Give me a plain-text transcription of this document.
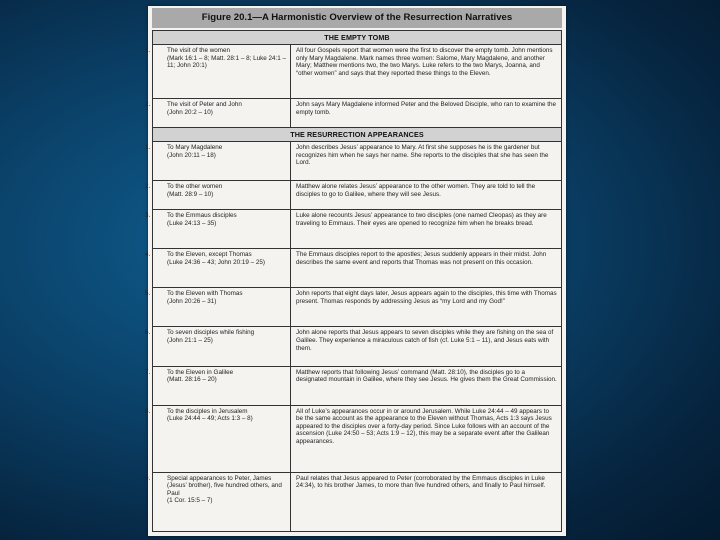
Figure 20.1—A Harmonistic Overview of the Resurrection Narratives
THE EMPTY TOMB
1.	The visit of the women
(Mark 16:1 – 8; Matt. 28:1 – 8; Luke 24:1 – 11; John 20:1)
All four Gospels report that women were the first to discover the empty tomb. John mentions only Mary Magdalene. Mark names three women: Salome, Mary Magdalene, and another Mary; Matthew mentions two, the two Marys. Luke refers to the two Marys, Joanna, and “other women” and says that they reported these things to the Eleven.
2.	The visit of Peter and John
(John 20:2 – 10)
John says Mary Magdalene informed Peter and the Beloved Disciple, who ran to examine the empty tomb.
THE RESURRECTION APPEARANCES
1.	To Mary Magdalene
(John 20:11 – 18)
John describes Jesus’ appearance to Mary. At first she supposes he is the gardener but recognizes him when he says her name. She reports to the disciples that she has seen the Lord.
2.	To the other women
(Matt. 28:9 – 10)
Matthew alone relates Jesus’ appearance to the other women. They are told to tell the disciples to go to Galilee, where they will see Jesus.
3.	To the Emmaus disciples
(Luke 24:13 – 35)
Luke alone recounts Jesus’ appearance to two disciples (one named Cleopas) as they are traveling to Emmaus. Their eyes are opened to recognize him when he breaks bread.
4.	To the Eleven, except Thomas
(Luke 24:36 – 43; John 20:19 – 25)
The Emmaus disciples report to the apostles; Jesus suddenly appears in their midst. John describes the same event and reports that Thomas was not present on this occasion.
5.	To the Eleven with Thomas
(John 20:26 – 31)
John reports that eight days later, Jesus appears again to the disciples, this time with Thomas present. Thomas responds by addressing Jesus as “my Lord and my God!”
6.	To seven disciples while fishing
(John 21:1 – 25)
John alone reports that Jesus appears to seven disciples while they are fishing on the sea of Galilee. They experience a miraculous catch of fish (cf. Luke 5:1 – 11), and Jesus eats with them.
7.	To the Eleven in Galilee
(Matt. 28:16 – 20)
Matthew reports that following Jesus’ command (Matt. 28:10), the disciples go to a designated mountain in Galilee, where they see Jesus. He gives them the Great Commission.
8.	To the disciples in Jerusalem
(Luke 24:44 – 49; Acts 1:3 – 8)
All of Luke’s appearances occur in or around Jerusalem. While Luke 24:44 – 49 appears to be the same account as the appearance to the Eleven without Thomas, Acts 1:3 says Jesus appeared to the disciples over a forty-day period. Since Luke follows with an account of the ascension (Luke 24:50 – 53; Acts 1:9 – 12), this may be a separate event after the Galilean appearances.
9.	Special appearances to Peter, James (Jesus’ brother), five hundred others, and Paul
(1 Cor. 15:5 – 7)
Paul relates that Jesus appeared to Peter (corroborated by the Emmaus disciples in Luke 24:34), to his brother James, to more than five hundred others, and finally to Paul himself.
